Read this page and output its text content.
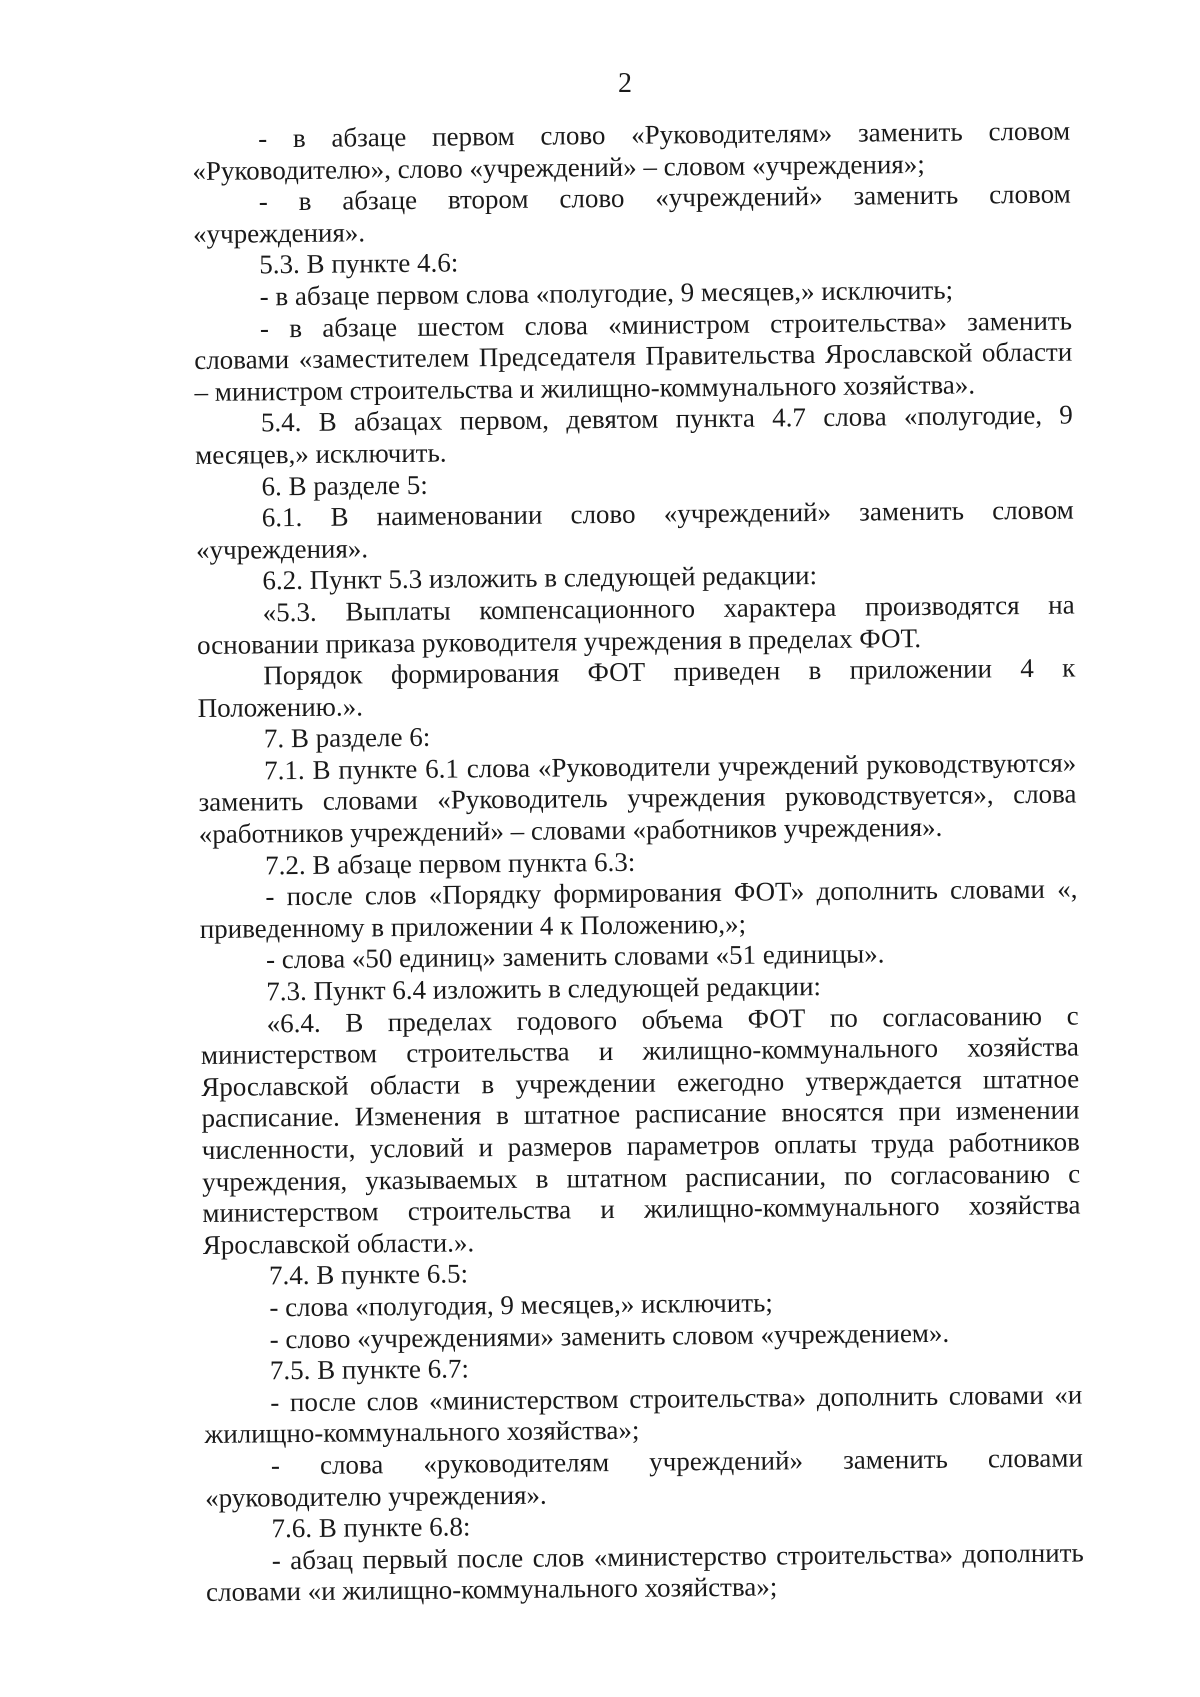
2

- в абзаце первом слово «Руководителям» заменить словом «Руководителю», слово «учреждений» – словом «учреждения»;

- в абзаце втором слово «учреждений» заменить словом «учреждения».

5.3. В пункте 4.6:

- в абзаце первом слова «полугодие, 9 месяцев,» исключить;

- в абзаце шестом слова «министром строительства» заменить словами «заместителем Председателя Правительства Ярославской области – министром строительства и жилищно-коммунального хозяйства».

5.4. В абзацах первом, девятом пункта 4.7 слова «полугодие, 9 месяцев,» исключить.

6. В разделе 5:

6.1. В наименовании слово «учреждений» заменить словом «учреждения».

6.2. Пункт 5.3 изложить в следующей редакции:

«5.3. Выплаты компенсационного характера производятся на основании приказа руководителя учреждения в пределах ФОТ.

Порядок формирования ФОТ приведен в приложении 4 к Положению.».

7. В разделе 6:

7.1. В пункте 6.1 слова «Руководители учреждений руководствуются» заменить словами «Руководитель учреждения руководствуется», слова «работников учреждений» – словами «работников учреждения».

7.2. В абзаце первом пункта 6.3:

- после слов «Порядку формирования ФОТ» дополнить словами «, приведенному в приложении 4 к Положению,»;

- слова «50 единиц» заменить словами «51 единицы».

7.3. Пункт 6.4 изложить в следующей редакции:

«6.4. В пределах годового объема ФОТ по согласованию с министерством строительства и жилищно-коммунального хозяйства Ярославской области в учреждении ежегодно утверждается штатное расписание. Изменения в штатное расписание вносятся при изменении численности, условий и размеров параметров оплаты труда работников учреждения, указываемых в штатном расписании, по согласованию с министерством строительства и жилищно-коммунального хозяйства Ярославской области.».

7.4. В пункте 6.5:

- слова «полугодия, 9 месяцев,» исключить;

- слово «учреждениями» заменить словом «учреждением».

7.5. В пункте 6.7:

- после слов «министерством строительства» дополнить словами «и жилищно-коммунального хозяйства»;

- слова «руководителям учреждений» заменить словами «руководителю учреждения».

7.6. В пункте 6.8:

- абзац первый после слов «министерство строительства» дополнить словами «и жилищно-коммунального хозяйства»;
